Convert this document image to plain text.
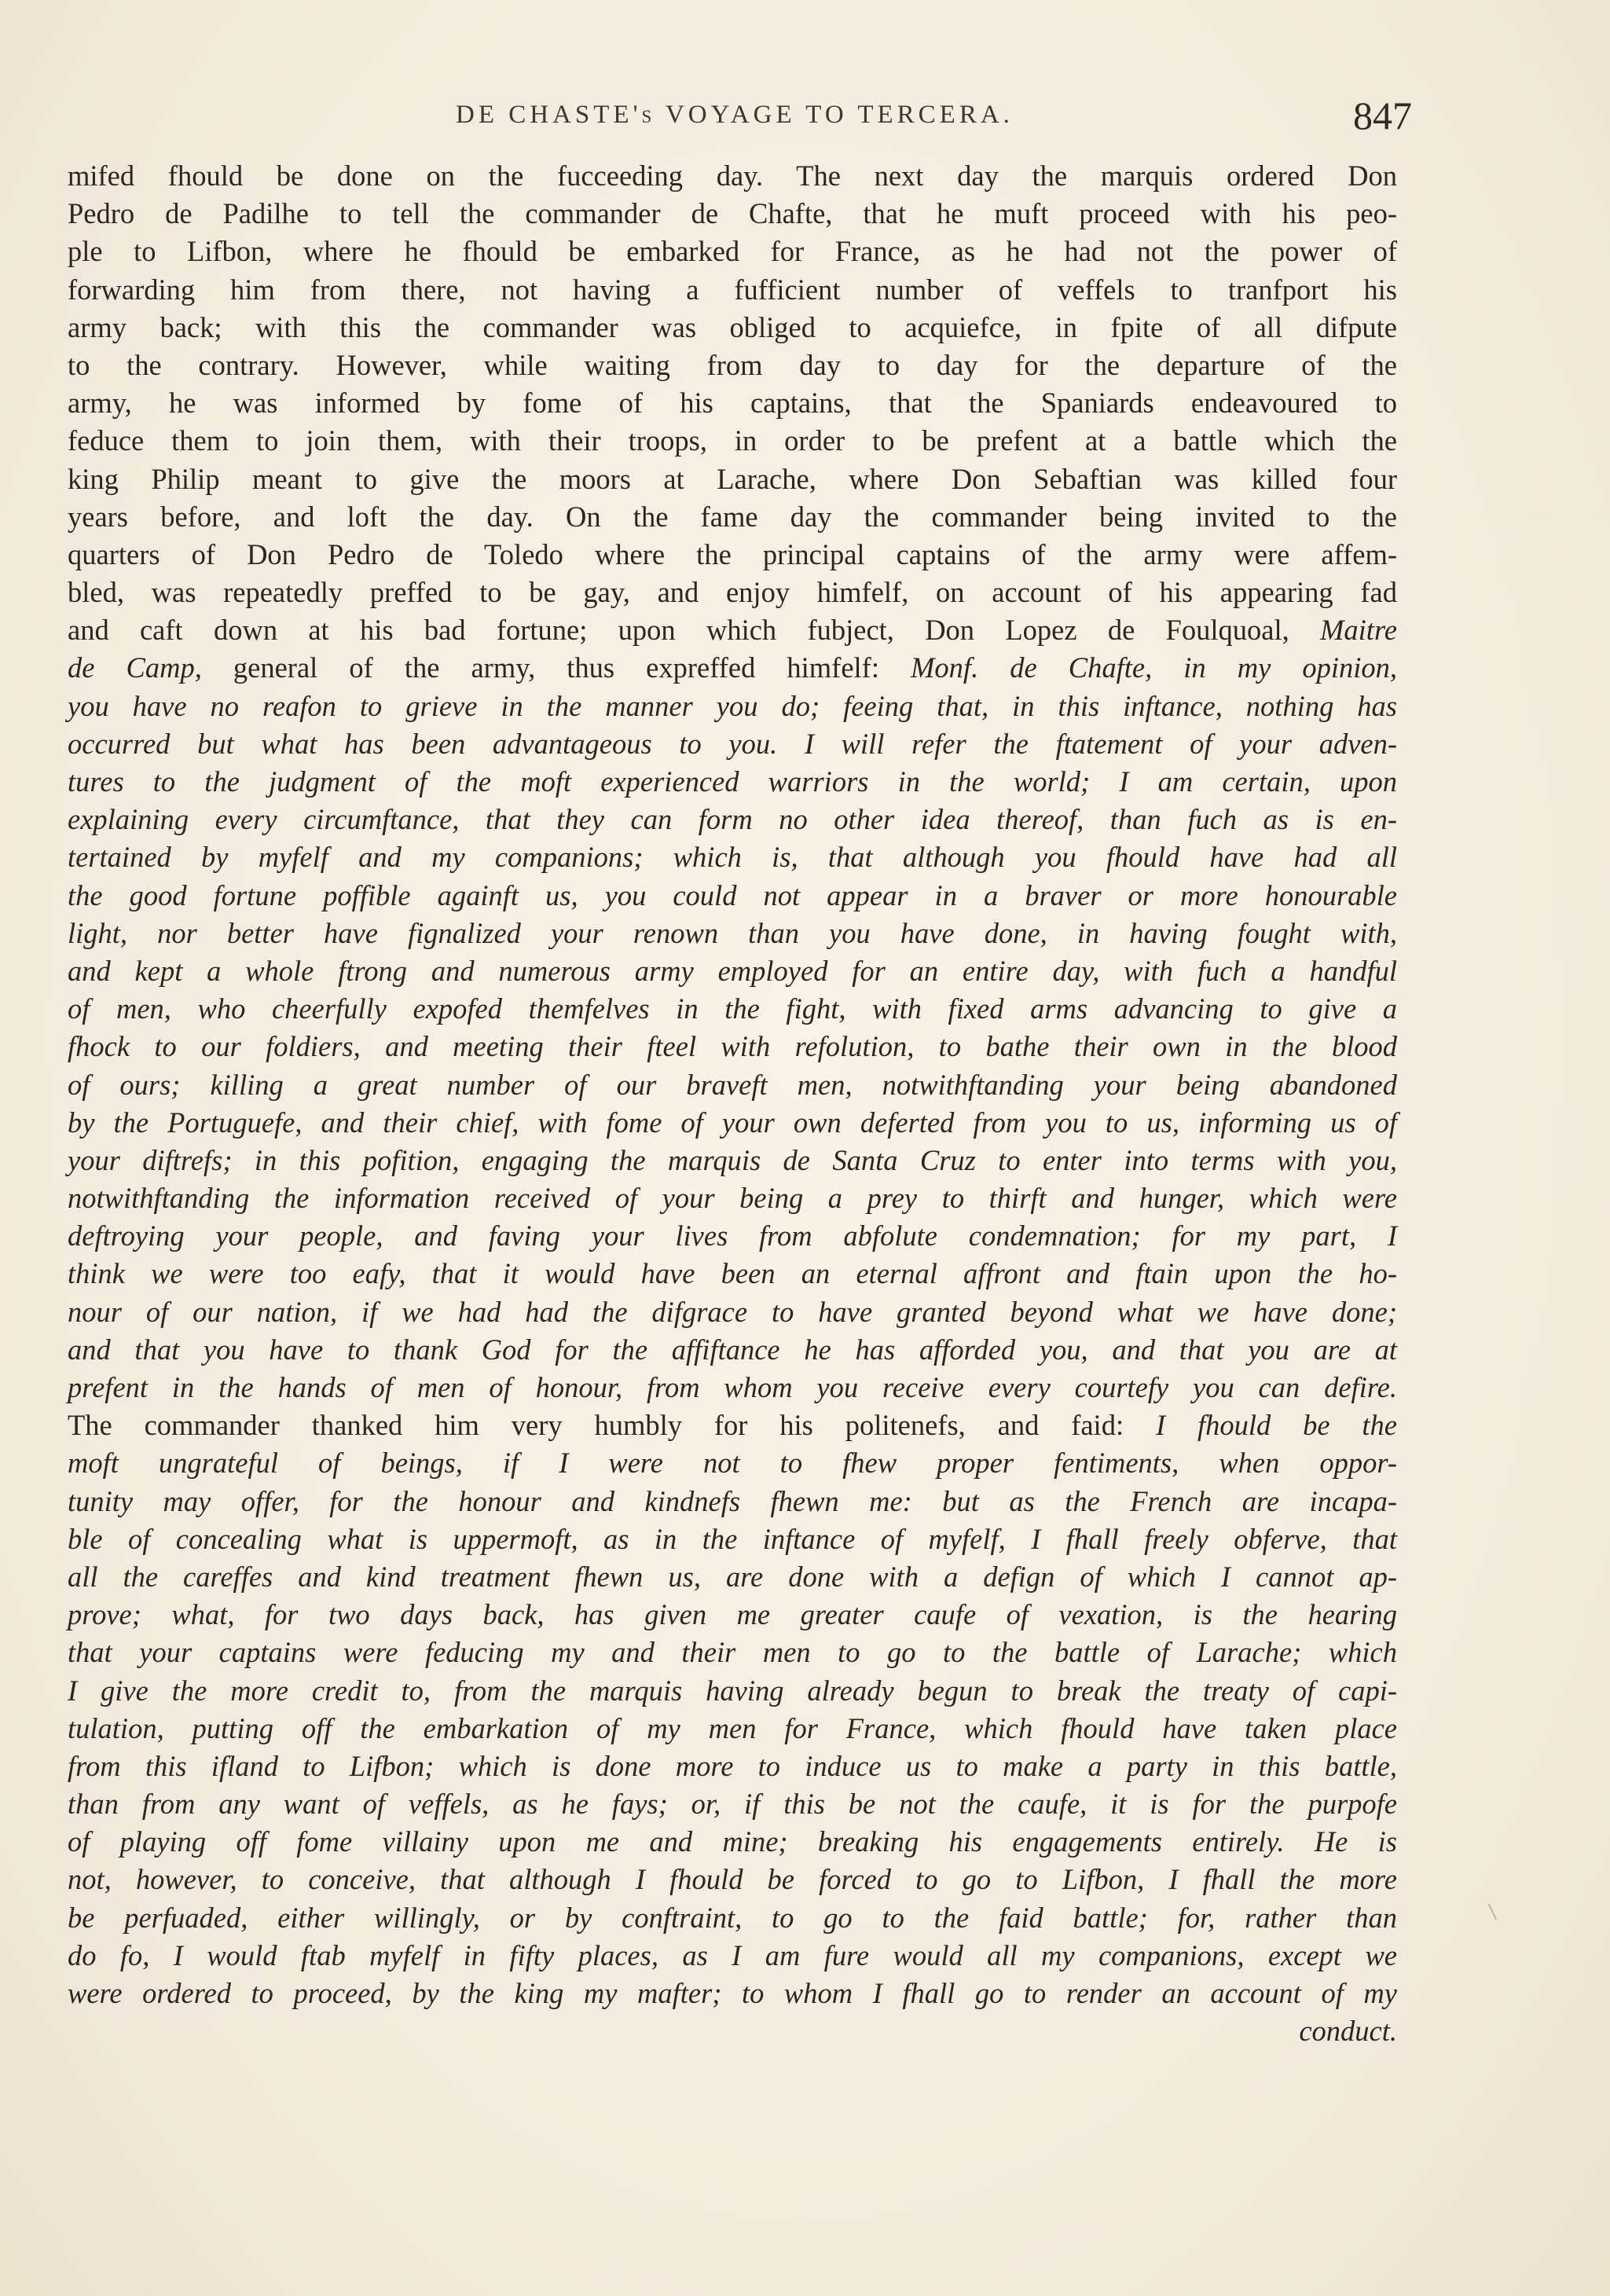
DE CHASTE's VOYAGE TO TERCERA.	847
mifed fhould be done on the fucceeding day. The next day the marquis ordered Don
Pedro de Padilhe to tell the commander de Chafte, that he muft proceed with his peo-
ple to Lifbon, where he fhould be embarked for France, as he had not the power of
forwarding him from there, not having a fufficient number of veffels to tranfport his
army back; with this the commander was obliged to acquiefce, in fpite of all difpute
to the contrary. However, while waiting from day to day for the departure of the
army, he was informed by fome of his captains, that the Spaniards endeavoured to
feduce them to join them, with their troops, in order to be prefent at a battle which the
king Philip meant to give the moors at Larache, where Don Sebaftian was killed four
years before, and loft the day. On the fame day the commander being invited to the
quarters of Don Pedro de Toledo where the principal captains of the army were affem-
bled, was repeatedly preffed to be gay, and enjoy himfelf, on account of his appearing fad
and caft down at his bad fortune; upon which fubject, Don Lopez de Foulquoal, Maitre
de Camp, general of the army, thus expreffed himfelf: Monf. de Chafte, in my opinion,
you have no reafon to grieve in the manner you do; feeing that, in this inftance, nothing has
occurred but what has been advantageous to you. I will refer the ftatement of your adven-
tures to the judgment of the moft experienced warriors in the world; I am certain, upon
explaining every circumftance, that they can form no other idea thereof, than fuch as is en-
tertained by myfelf and my companions; which is, that although you fhould have had all
the good fortune poffible againft us, you could not appear in a braver or more honourable
light, nor better have fignalized your renown than you have done, in having fought with,
and kept a whole ftrong and numerous army employed for an entire day, with fuch a handful
of men, who cheerfully expofed themfelves in the fight, with fixed arms advancing to give a
fhock to our foldiers, and meeting their fteel with refolution, to bathe their own in the blood
of ours; killing a great number of our braveft men, notwithftanding your being abandoned
by the Portuguefe, and their chief, with fome of your own deferted from you to us, informing us of
your diftrefs; in this pofition, engaging the marquis de Santa Cruz to enter into terms with you,
notwithftanding the information received of your being a prey to thirft and hunger, which were
deftroying your people, and faving your lives from abfolute condemnation; for my part, I
think we were too eafy, that it would have been an eternal affront and ftain upon the ho-
nour of our nation, if we had had the difgrace to have granted beyond what we have done;
and that you have to thank God for the affiftance he has afforded you, and that you are at
prefent in the hands of men of honour, from whom you receive every courtefy you can defire.
The commander thanked him very humbly for his politenefs, and faid: I fhould be the
moft ungrateful of beings, if I were not to fhew proper fentiments, when oppor-
tunity may offer, for the honour and kindnefs fhewn me: but as the French are incapa-
ble of concealing what is uppermoft, as in the inftance of myfelf, I fhall freely obferve, that
all the careffes and kind treatment fhewn us, are done with a defign of which I cannot ap-
prove; what, for two days back, has given me greater caufe of vexation, is the hearing
that your captains were feducing my and their men to go to the battle of Larache; which
I give the more credit to, from the marquis having already begun to break the treaty of capi-
tulation, putting off the embarkation of my men for France, which fhould have taken place
from this ifland to Lifbon; which is done more to induce us to make a party in this battle,
than from any want of veffels, as he fays; or, if this be not the caufe, it is for the purpofe
of playing off fome villainy upon me and mine; breaking his engagements entirely. He is
not, however, to conceive, that although I fhould be forced to go to Lifbon, I fhall the more
be perfuaded, either willingly, or by conftraint, to go to the faid battle; for, rather than
do fo, I would ftab myfelf in fifty places, as I am fure would all my companions, except we
were ordered to proceed, by the king my mafter; to whom I fhall go to render an account of my
conduct.
